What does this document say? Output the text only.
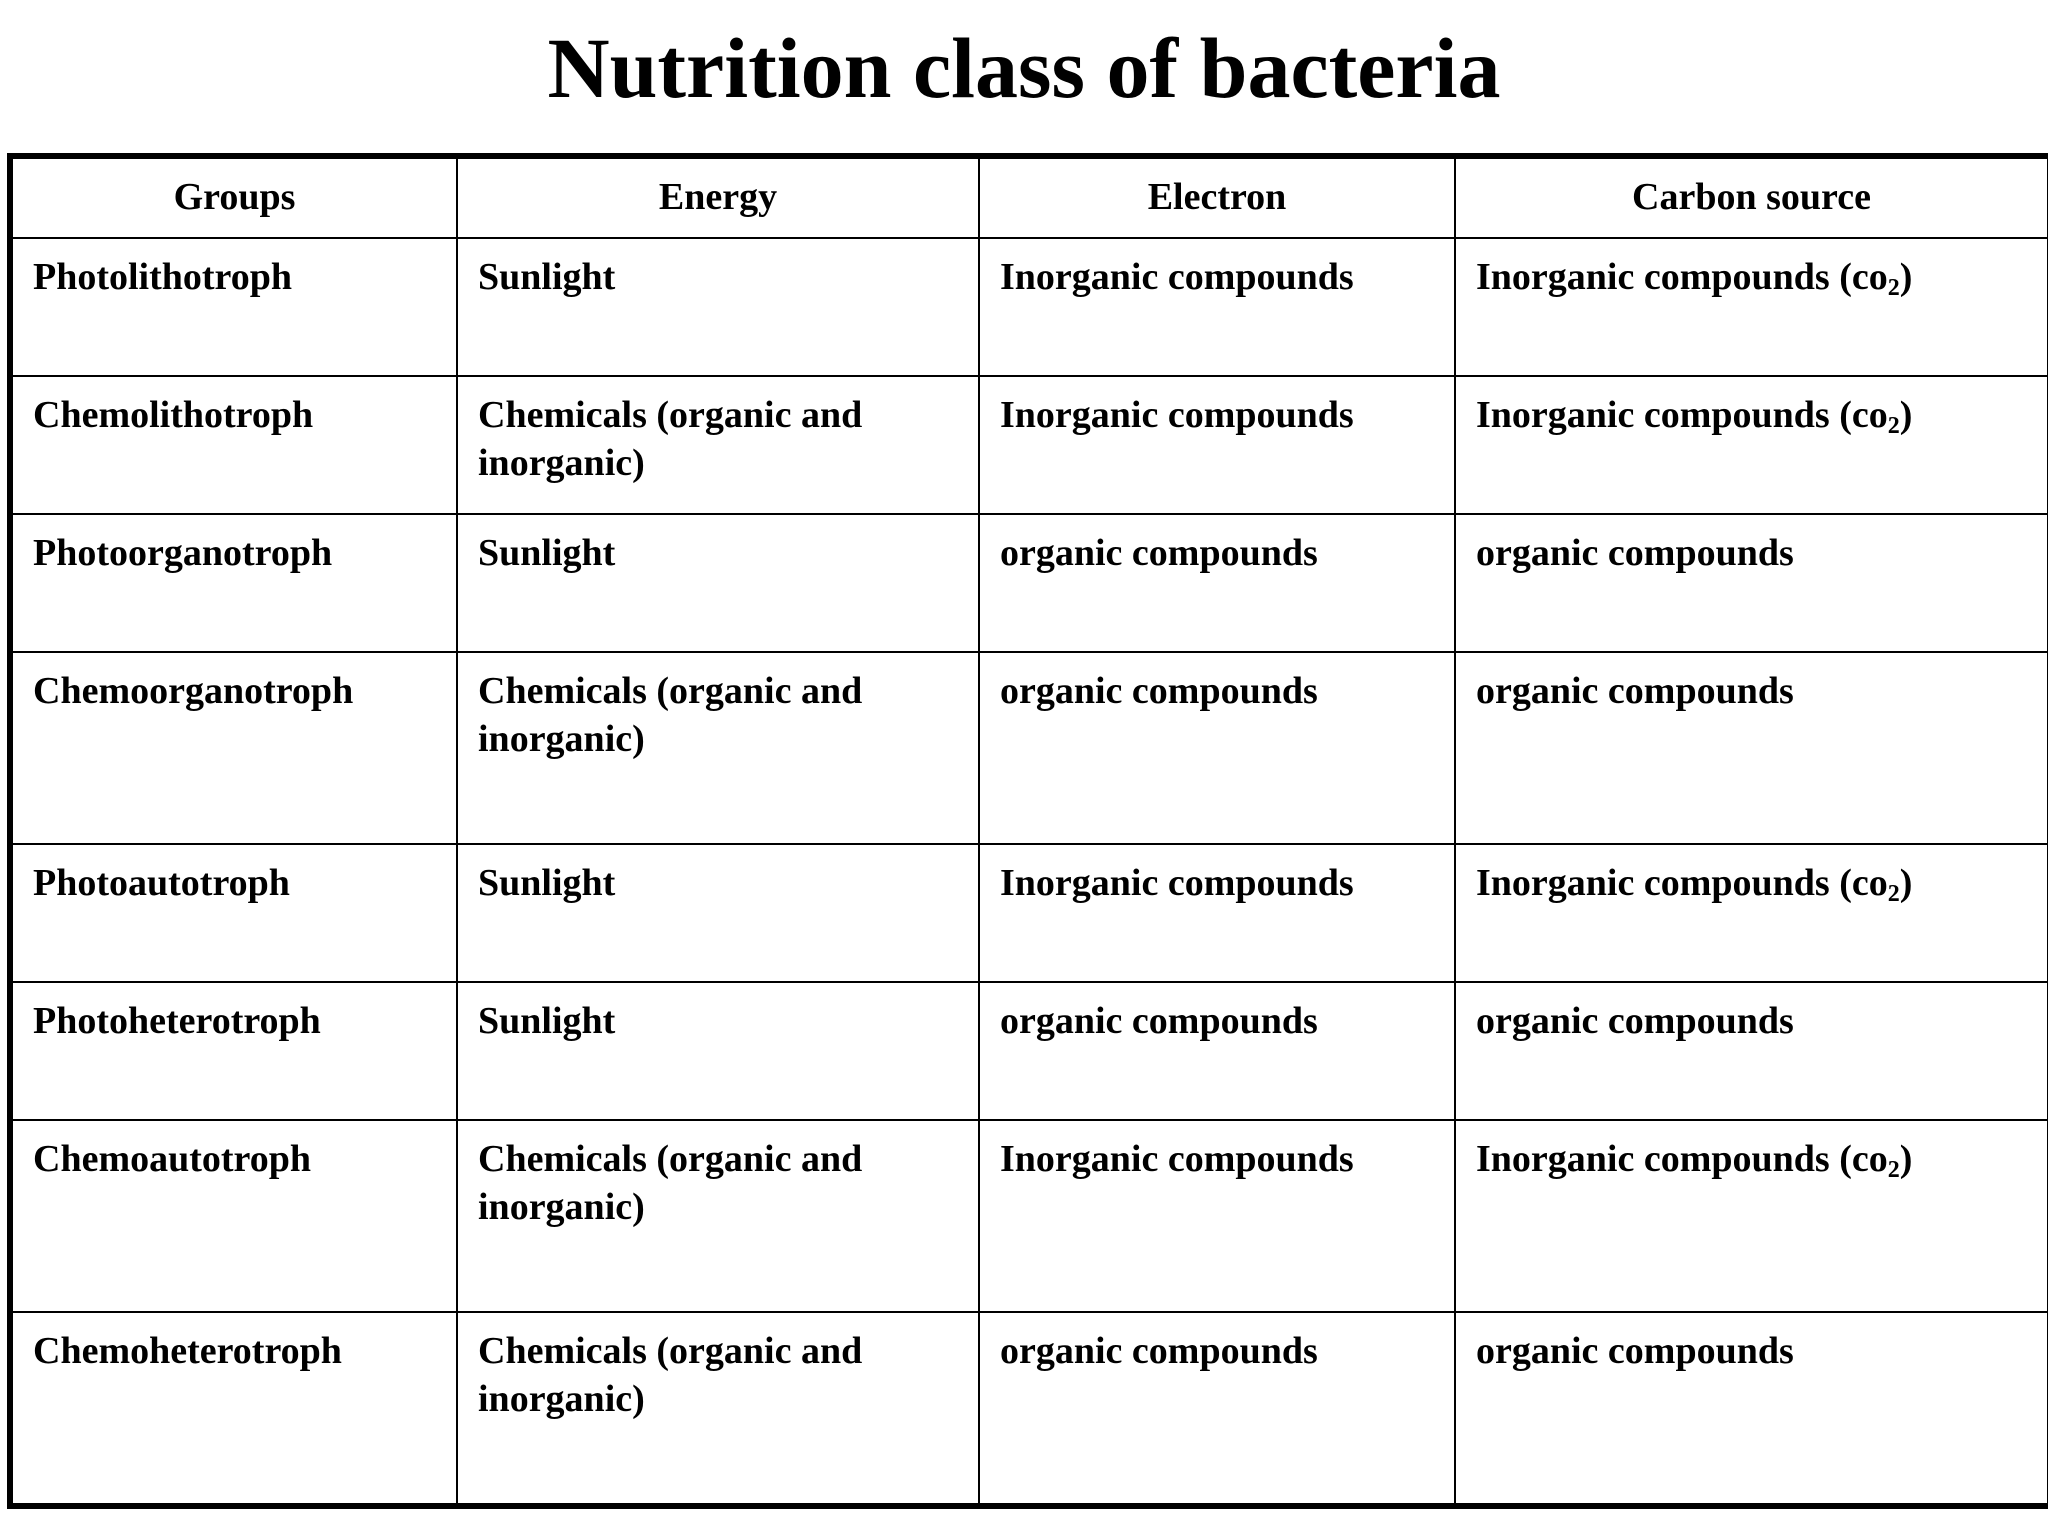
Nutrition class of bacteria
Groups	Energy	Electron	Carbon source
Photolithotroph	Sunlight	Inorganic compounds	Inorganic compounds $(co_2)$
Chemolithotroph	Chemicals (organic and inorganic)	Inorganic compounds	Inorganic compounds $(co_2)$
Photoorganotroph	Sunlight	organic compounds	organic compounds
Chemoorganotroph	Chemicals (organic and inorganic)	organic compounds	organic compounds
Photoautotroph	Sunlight	Inorganic compounds	Inorganic compounds $(co_2)$
Photoheterotroph	Sunlight	organic compounds	organic compounds
Chemoautotroph	Chemicals (organic and inorganic)	Inorganic compounds	Inorganic compounds $(co_2)$
Chemoheterotroph	Chemicals (organic and inorganic)	organic compounds	organic compounds
